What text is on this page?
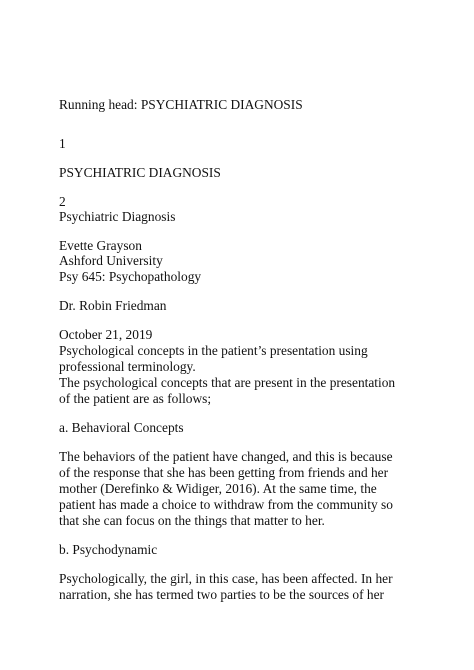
Running head: PSYCHIATRIC DIAGNOSIS

1

PSYCHIATRIC DIAGNOSIS

2

Psychiatric Diagnosis

Evette Grayson

Ashford University

Psy 645: Psychopathology

Dr. Robin Friedman

October 21, 2019

Psychological concepts in the patient’s presentation using

professional terminology.

The psychological concepts that are present in the presentation

of the patient are as follows;

a. Behavioral Concepts

The behaviors of the patient have changed, and this is because

of the response that she has been getting from friends and her

mother (Derefinko & Widiger, 2016). At the same time, the

patient has made a choice to withdraw from the community so

that she can focus on the things that matter to her.

b. Psychodynamic

Psychologically, the girl, in this case, has been affected. In her

narration, she has termed two parties to be the sources of her
